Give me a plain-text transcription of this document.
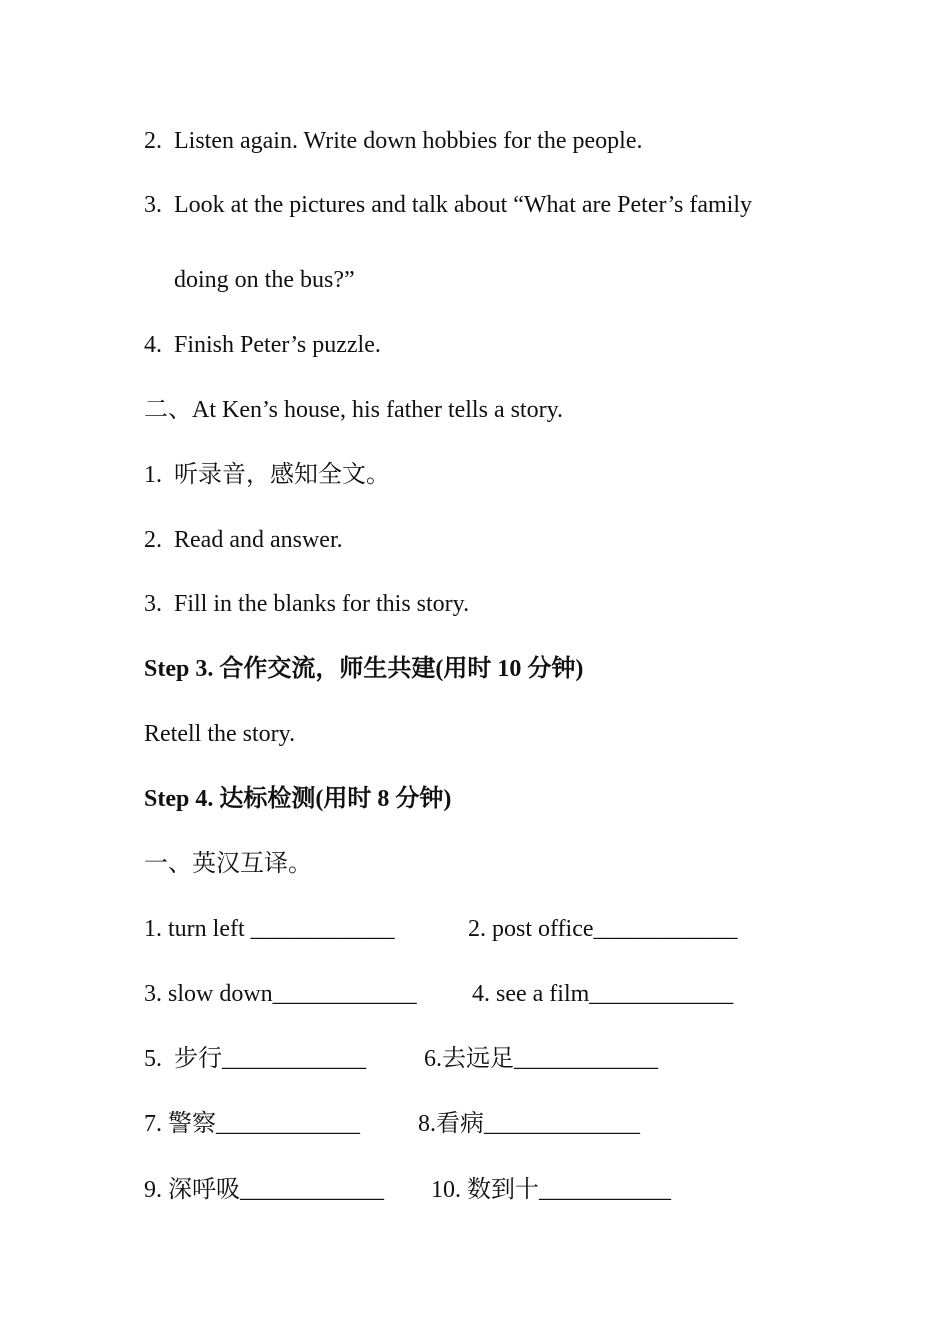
2.  Listen again. Write down hobbies for the people.
3.  Look at the pictures and talk about “What are Peter’s family
doing on the bus?”
4.  Finish Peter’s puzzle.
二、At Ken’s house, his father tells a story.
1.  听录音，感知全文。
2.  Read and answer.
3.  Fill in the blanks for this story.
Step 3. 合作交流，师生共建(用时 10 分钟)
Retell the story.
Step 4. 达标检测(用时 8 分钟)
一、英汉互译。
1. turn left ____________	2. post office____________
3. slow down____________ 4. see a film____________
5.  步行____________ 6.去远足____________
7. 警察____________ 8.看病_____________
9. 深呼吸____________ 10. 数到十___________
